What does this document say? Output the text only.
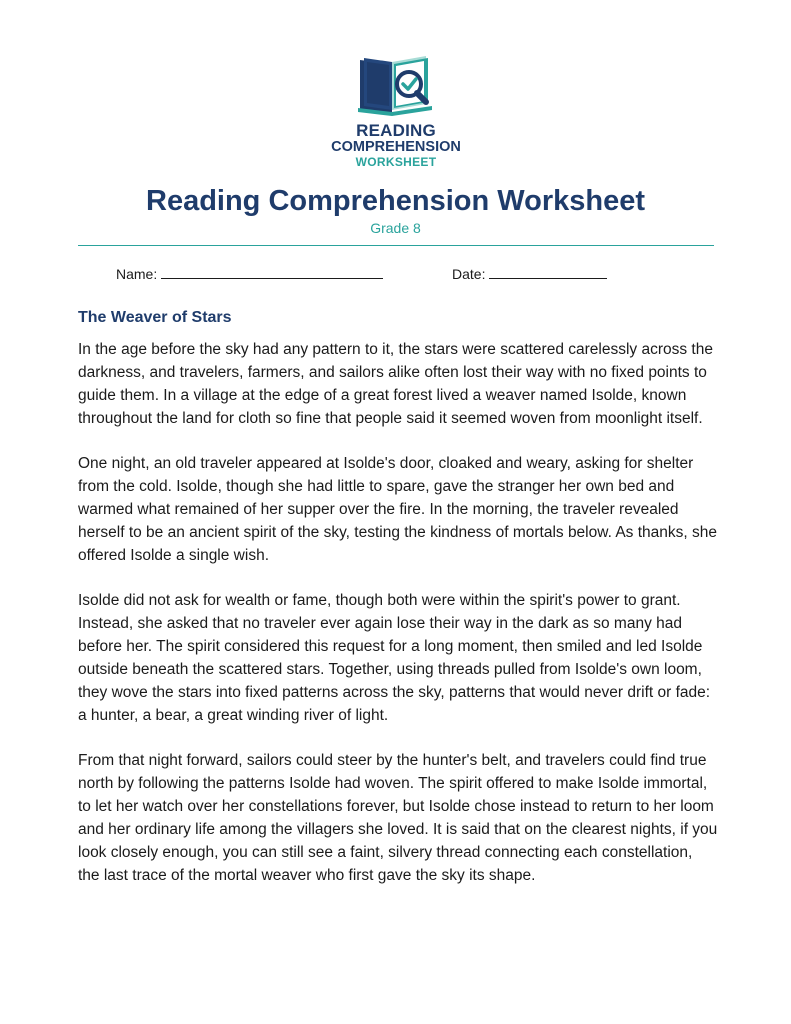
READING
COMPREHENSION
WORKSHEET
Reading Comprehension Worksheet
Grade 8
Name:	Date:
The Weaver of Stars

In the age before the sky had any pattern to it, the stars were scattered carelessly across the darkness, and travelers, farmers, and sailors alike often lost their way with no fixed points to guide them. In a village at the edge of a great forest lived a weaver named Isolde, known throughout the land for cloth so fine that people said it seemed woven from moonlight itself.

One night, an old traveler appeared at Isolde's door, cloaked and weary, asking for shelter from the cold. Isolde, though she had little to spare, gave the stranger her own bed and warmed what remained of her supper over the fire. In the morning, the traveler revealed herself to be an ancient spirit of the sky, testing the kindness of mortals below. As thanks, she offered Isolde a single wish.

Isolde did not ask for wealth or fame, though both were within the spirit's power to grant. Instead, she asked that no traveler ever again lose their way in the dark as so many had before her. The spirit considered this request for a long moment, then smiled and led Isolde outside beneath the scattered stars. Together, using threads pulled from Isolde's own loom, they wove the stars into fixed patterns across the sky, patterns that would never drift or fade: a hunter, a bear, a great winding river of light.

From that night forward, sailors could steer by the hunter's belt, and travelers could find true north by following the patterns Isolde had woven. The spirit offered to make Isolde immortal, to let her watch over her constellations forever, but Isolde chose instead to return to her loom and her ordinary life among the villagers she loved. It is said that on the clearest nights, if you look closely enough, you can still see a faint, silvery thread connecting each constellation, the last trace of the mortal weaver who first gave the sky its shape.
